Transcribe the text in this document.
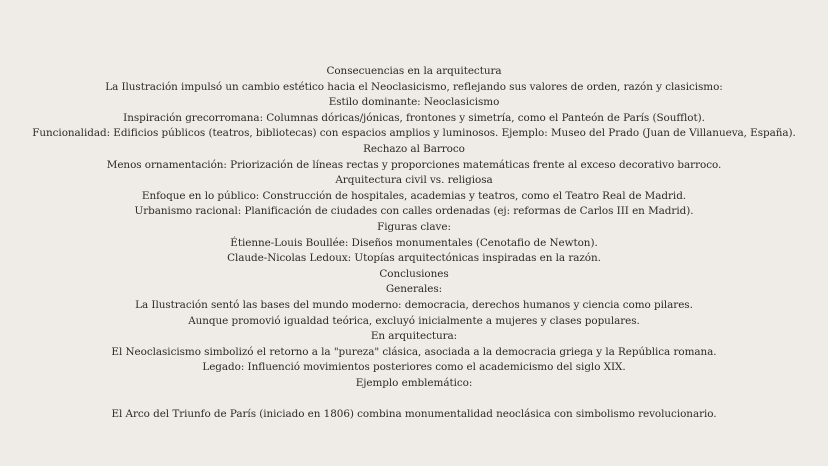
Consecuencias en la arquitectura
La Ilustración impulsó un cambio estético hacia el Neoclasicismo, reflejando sus valores de orden, razón y clasicismo:
Estilo dominante: Neoclasicismo
Inspiración grecorromana: Columnas dóricas/jónicas, frontones y simetría, como el Panteón de París (Soufflot).
Funcionalidad: Edificios públicos (teatros, bibliotecas) con espacios amplios y luminosos. Ejemplo: Museo del Prado (Juan de Villanueva, España).
Rechazo al Barroco
Menos ornamentación: Priorización de líneas rectas y proporciones matemáticas frente al exceso decorativo barroco.
Arquitectura civil vs. religiosa
Enfoque en lo público: Construcción de hospitales, academias y teatros, como el Teatro Real de Madrid.
Urbanismo racional: Planificación de ciudades con calles ordenadas (ej: reformas de Carlos III en Madrid).
Figuras clave:
Étienne-Louis Boullée: Diseños monumentales (Cenotafio de Newton).
Claude-Nicolas Ledoux: Utopías arquitectónicas inspiradas en la razón.
Conclusiones
Generales:
La Ilustración sentó las bases del mundo moderno: democracia, derechos humanos y ciencia como pilares.
Aunque promovió igualdad teórica, excluyó inicialmente a mujeres y clases populares.
En arquitectura:
El Neoclasicismo simbolizó el retorno a la "pureza" clásica, asociada a la democracia griega y la República romana.
Legado: Influenció movimientos posteriores como el academicismo del siglo XIX.
Ejemplo emblemático:
El Arco del Triunfo de París (iniciado en 1806) combina monumentalidad neoclásica con simbolismo revolucionario.
